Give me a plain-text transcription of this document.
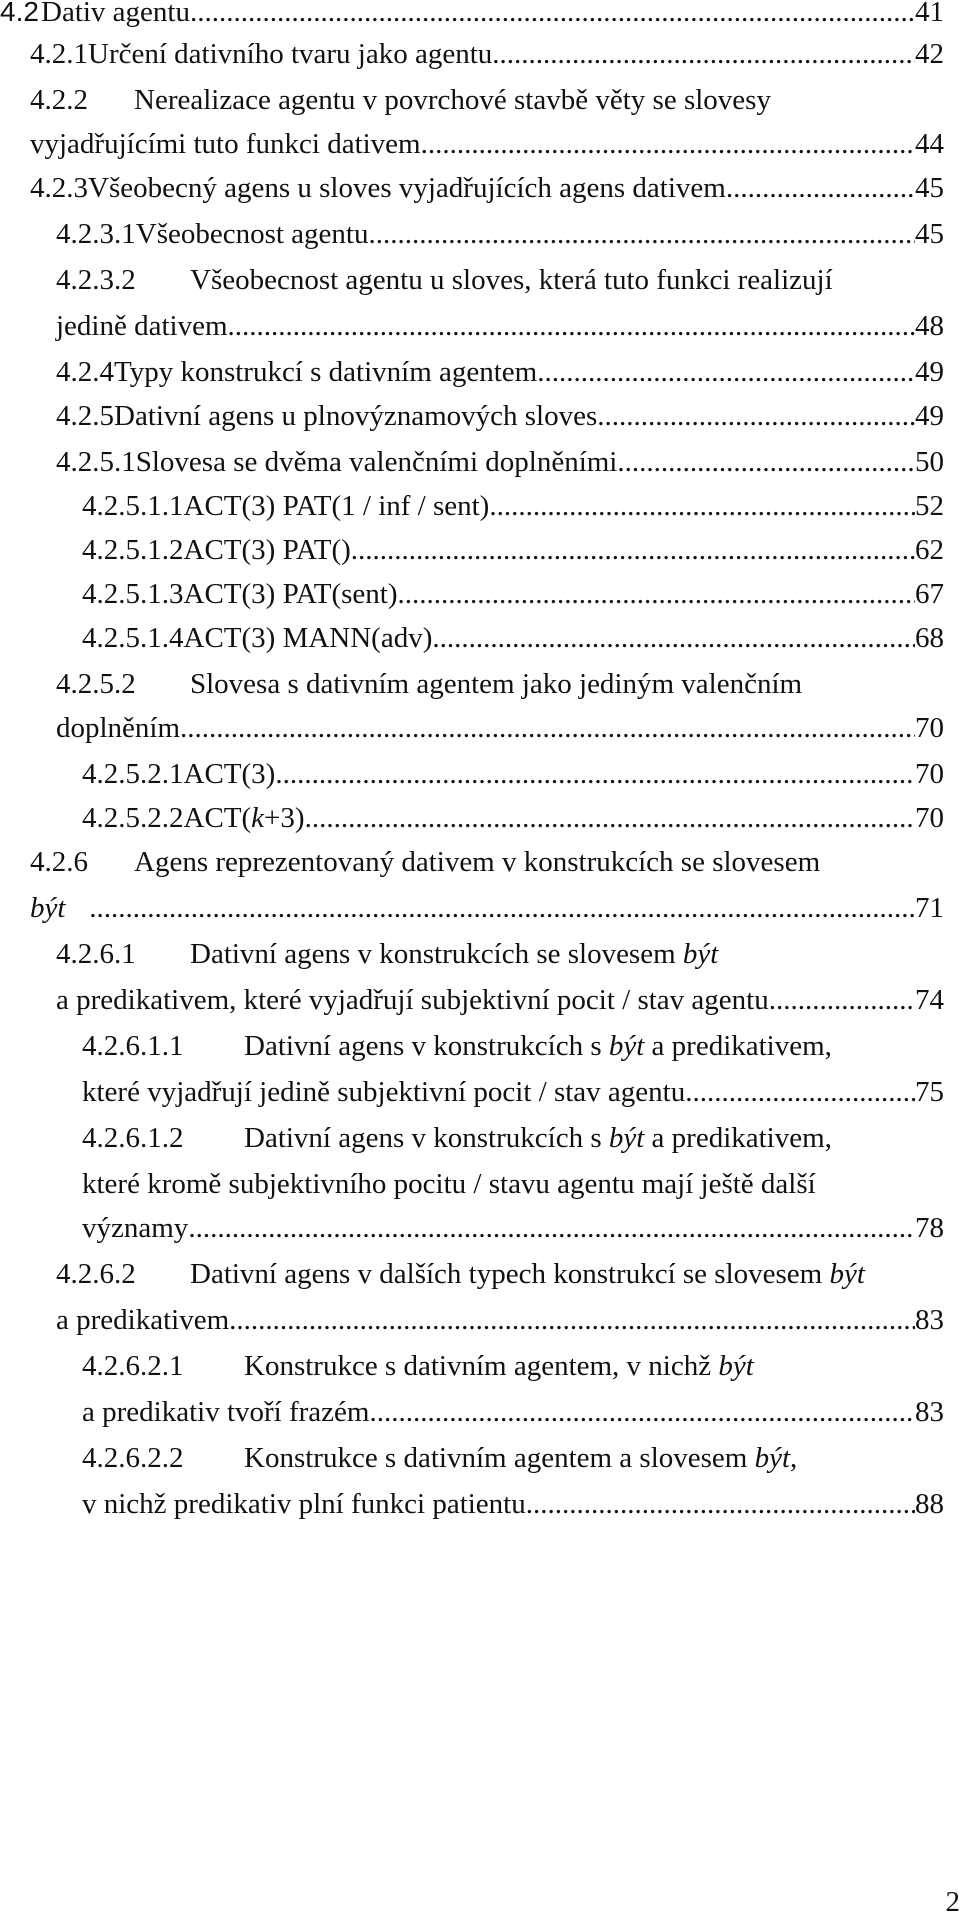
4.2 Dativ agentu .....	41
4.2.1 Určení dativního tvaru jako agentu .....	42
4.2.2	Nerealizace agentu v povrchové stavbě věty se slovesy
vyjadřujícími tuto funkci dativem .....	44
4.2.3 Všeobecný agens u sloves vyjadřujících agens dativem .....	45
4.2.3.1 Všeobecnost agentu .....	45
4.2.3.2	Všeobecnost agentu u sloves, která tuto funkci realizují
jedině dativem .....	48
4.2.4 Typy konstrukcí s dativním agentem .....	49
4.2.5 Dativní agens u plnovýznamových sloves .....	49
4.2.5.1 Slovesa se dvěma valenčními doplněními .....	50
4.2.5.1.1 ACT(3) PAT(1 / inf / sent) .....	52
4.2.5.1.2 ACT(3) PAT() .....	62
4.2.5.1.3 ACT(3) PAT(sent) .....	67
4.2.5.1.4 ACT(3) MANN(adv) .....	68
4.2.5.2	Slovesa s dativním agentem jako jediným valenčním
doplněním .....	70
4.2.5.2.1 ACT(3) .....	70
4.2.5.2.2 ACT(k+3) .....	70
4.2.6	Agens reprezentovaný dativem v konstrukcích se slovesem
být .....	71
4.2.6.1	Dativní agens v konstrukcích se slovesem být
a predikativem, které vyjadřují subjektivní pocit / stav agentu .....	74
4.2.6.1.1	Dativní agens v konstrukcích s být a predikativem,
které vyjadřují jedině subjektivní pocit / stav agentu .....	75
4.2.6.1.2	Dativní agens v konstrukcích s být a predikativem,
které kromě subjektivního pocitu / stavu agentu mají ještě další
významy .....	78
4.2.6.2	Dativní agens v dalších typech konstrukcí se slovesem být
a predikativem .....	83
4.2.6.2.1	Konstrukce s dativním agentem, v nichž být
a predikativ tvoří frazém .....	83
4.2.6.2.2	Konstrukce s dativním agentem a slovesem být,
v nichž predikativ plní funkci patientu .....	88
2
